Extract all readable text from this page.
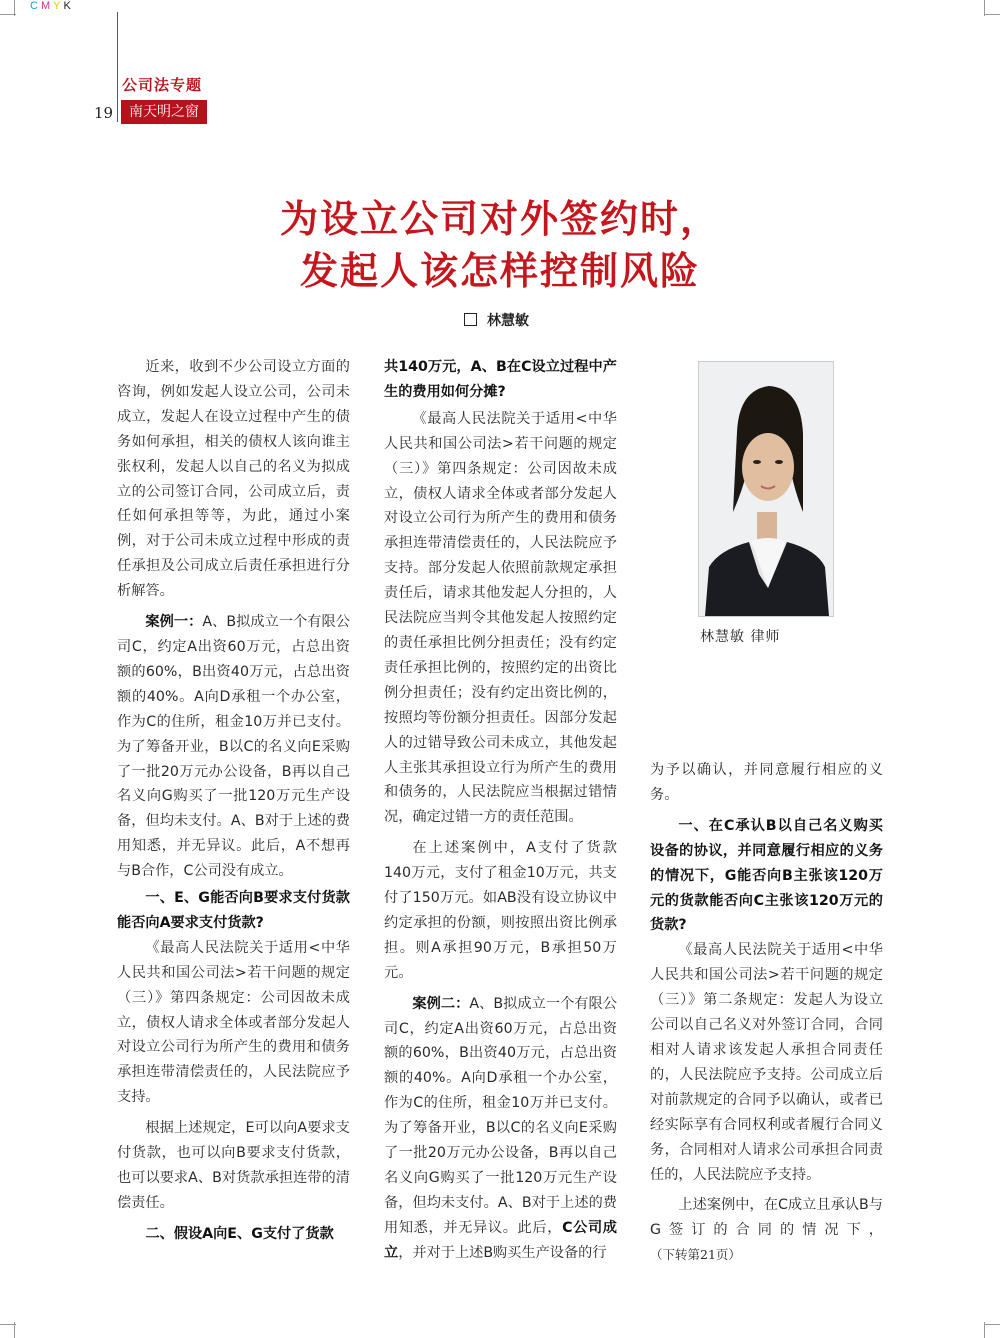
CMYK
公司法专题
19	南天明之窗
为设立公司对外签约时，
发起人该怎样控制风险
林慧敏

近来，收到不少公司设立方面的咨询，例如发起人设立公司，公司未成立，发起人在设立过程中产生的债务如何承担，相关的债权人该向谁主张权利，发起人以自己的名义为拟成立的公司签订合同，公司成立后，责任如何承担等等，为此，通过小案例，对于公司未成立过程中形成的责任承担及公司成立后责任承担进行分析解答。

案例一：A、B拟成立一个有限公司C，约定A出资60万元，占总出资额的60%，B出资40万元，占总出资额的40%。A向D承租一个办公室，作为C的住所，租金10万并已支付。为了筹备开业，B以C的名义向E采购了一批20万元办公设备，B再以自己名义向G购买了一批120万元生产设备，但均未支付。A、B对于上述的费用知悉，并无异议。此后，A不想再与B合作，C公司没有成立。

一、E、G能否向B要求支付货款能否向A要求支付货款?

《最高人民法院关于适用<中华人民共和国公司法>若干问题的规定（三）》第四条规定：公司因故未成立，债权人请求全体或者部分发起人对设立公司行为所产生的费用和债务承担连带清偿责任的，人民法院应予支持。

根据上述规定，E可以向A要求支付货款，也可以向B要求支付货款，也可以要求A、B对货款承担连带的清偿责任。

二、假设A向E、G支付了货款

共140万元，A、B在C设立过程中产生的费用如何分摊?

《最高人民法院关于适用<中华人民共和国公司法>若干问题的规定（三）》第四条规定：公司因故未成立，债权人请求全体或者部分发起人对设立公司行为所产生的费用和债务承担连带清偿责任的，人民法院应予支持。部分发起人依照前款规定承担责任后，请求其他发起人分担的，人民法院应当判令其他发起人按照约定的责任承担比例分担责任；没有约定责任承担比例的，按照约定的出资比例分担责任；没有约定出资比例的，按照均等份额分担责任。因部分发起人的过错导致公司未成立，其他发起人主张其承担设立行为所产生的费用和债务的，人民法院应当根据过错情况，确定过错一方的责任范围。

在上述案例中，A支付了货款140万元，支付了租金10万元，共支付了150万元。如AB没有设立协议中约定承担的份额，则按照出资比例承担。则A承担90万元，B承担50万元。

案例二：A、B拟成立一个有限公司C，约定A出资60万元，占总出资额的60%，B出资40万元，占总出资额的40%。A向D承租一个办公室，作为C的住所，租金10万并已支付。为了筹备开业，B以C的名义向E采购了一批20万元办公设备，B再以自己名义向G购买了一批120万元生产设备，但均未支付。A、B对于上述的费用知悉，并无异议。此后，C公司成立，并对于上述B购买生产设备的行

林慧敏 律师

为予以确认，并同意履行相应的义务。

一、在C承认B以自己名义购买设备的协议，并同意履行相应的义务的情况下，G能否向B主张该120万元的货款能否向C主张该120万元的货款?

《最高人民法院关于适用<中华人民共和国公司法>若干问题的规定（三）》第二条规定：发起人为设立公司以自己名义对外签订合同，合同相对人请求该发起人承担合同责任的，人民法院应予支持。公司成立后对前款规定的合同予以确认，或者已经实际享有合同权利或者履行合同义务，合同相对人请求公司承担合同责任的，人民法院应予支持。

上述案例中，在C成立且承认B与G签订的合同的情况下，（下转第21页）
